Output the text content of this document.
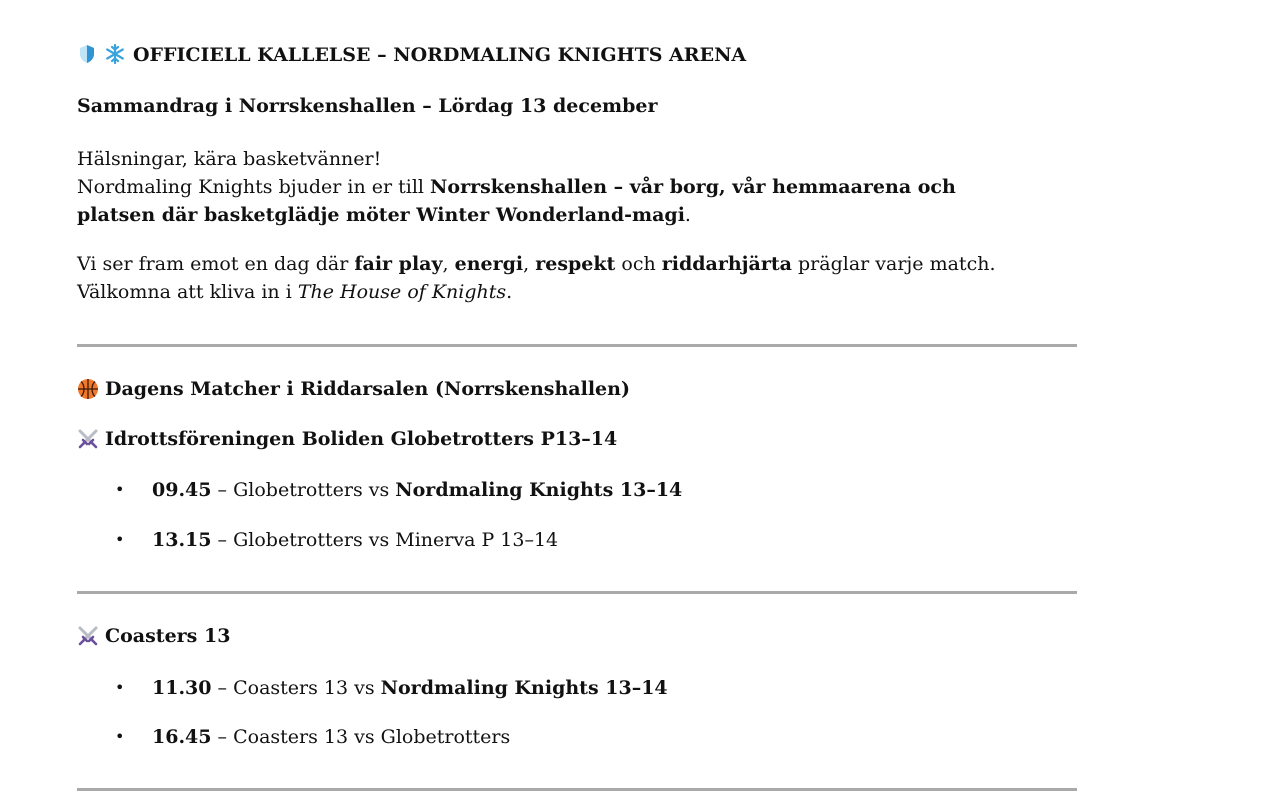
OFFICIELL KALLELSE – NORDMALING KNIGHTS ARENA
Sammandrag i Norrskenshallen – Lördag 13 december
Hälsningar, kära basketvänner!
Nordmaling Knights bjuder in er till Norrskenshallen – vår borg, vår hemmaarena och
platsen där basketglädje möter Winter Wonderland-magi.
Vi ser fram emot en dag där fair play, energi, respekt och riddarhjärta präglar varje match.
Välkomna att kliva in i The House of Knights.
Dagens Matcher i Riddarsalen (Norrskenshallen)
Idrottsföreningen Boliden Globetrotters P13–14
• 09.45 – Globetrotters vs Nordmaling Knights 13–14
• 13.15 – Globetrotters vs Minerva P 13–14
Coasters 13
• 11.30 – Coasters 13 vs Nordmaling Knights 13–14
• 16.45 – Coasters 13 vs Globetrotters
